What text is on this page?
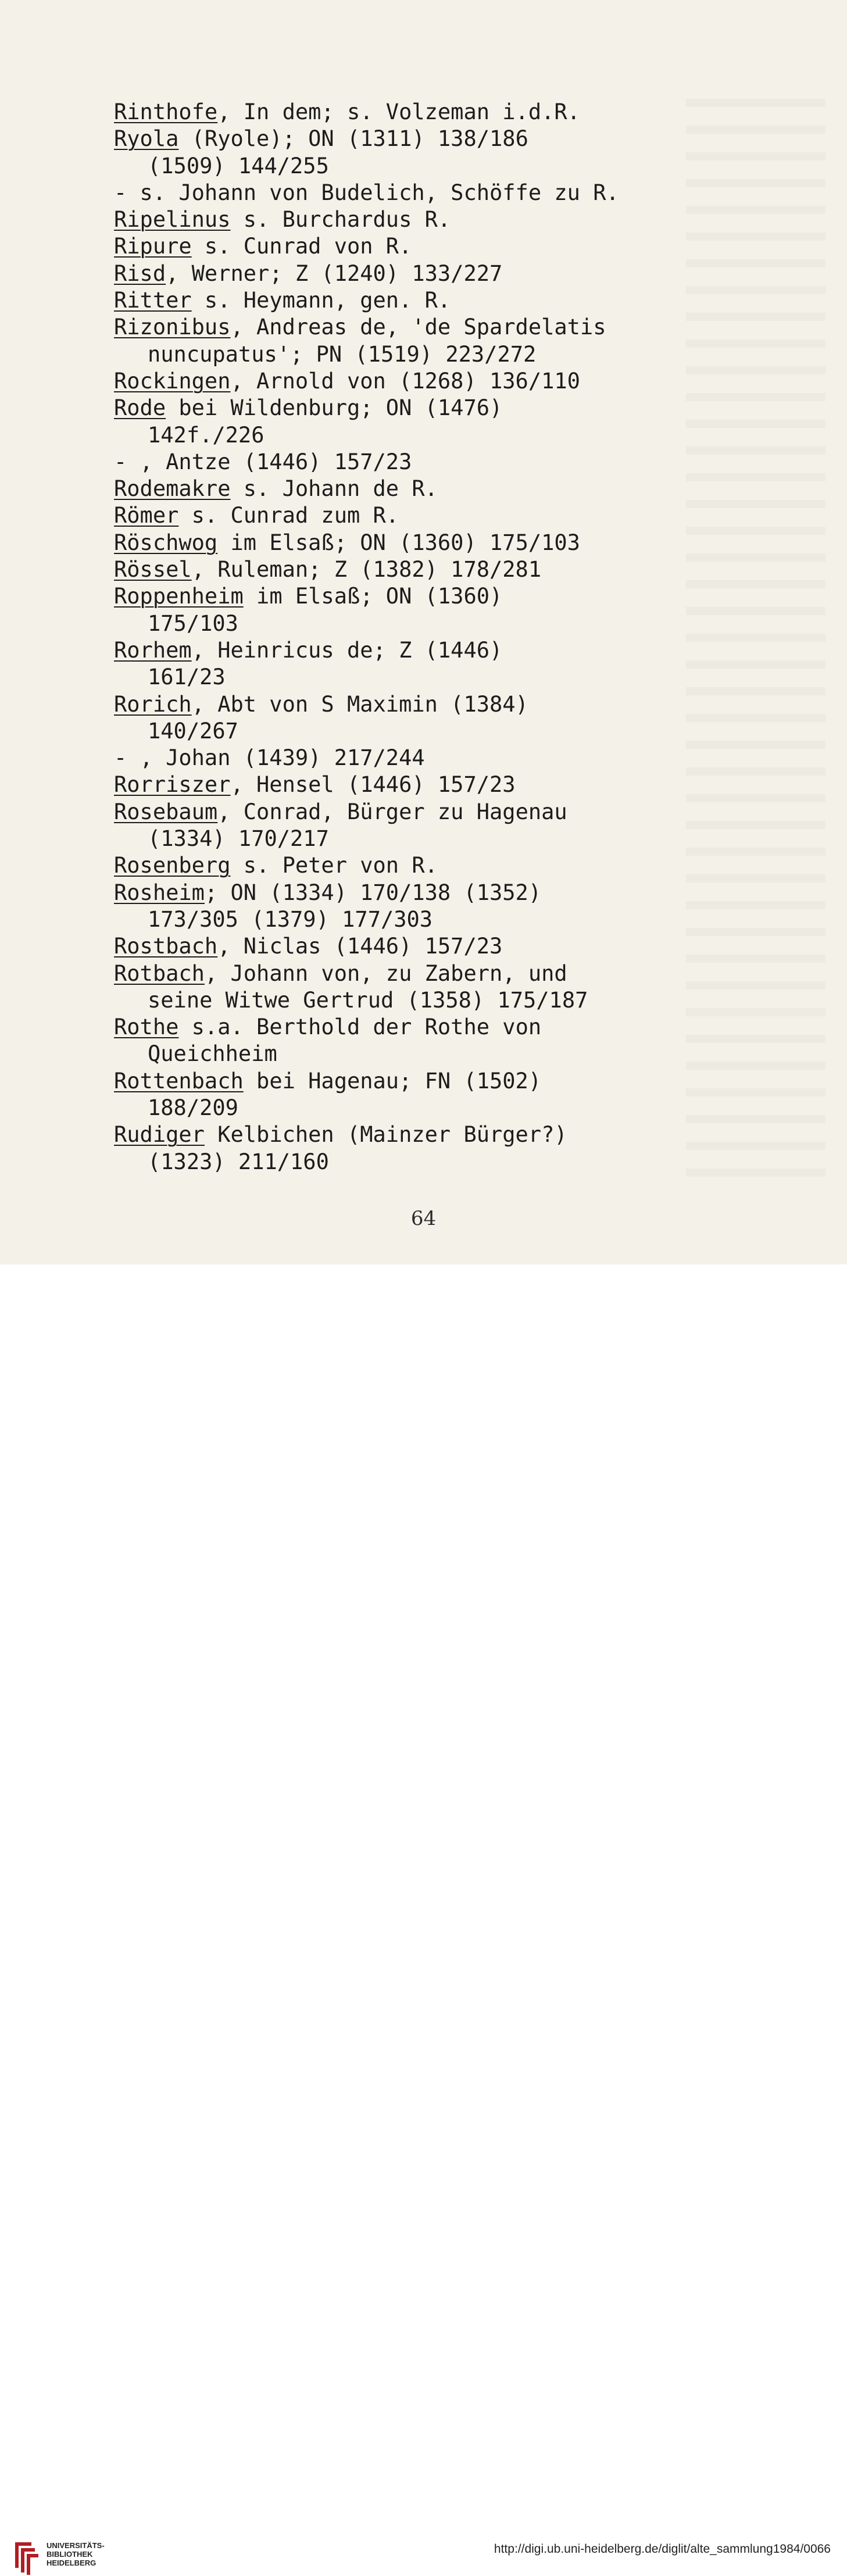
Rinthofe, In dem; s. Volzeman i.d.R.
Ryola (Ryole); ON (1311) 138/186
(1509) 144/255
- s. Johann von Budelich, Schöffe zu R.
Ripelinus s. Burchardus R.
Ripure s. Cunrad von R.
Risd, Werner; Z (1240) 133/227
Ritter s. Heymann, gen. R.
Rizonibus, Andreas de, 'de Spardelatis
nuncupatus'; PN (1519) 223/272
Rockingen, Arnold von (1268) 136/110
Rode bei Wildenburg; ON (1476)
142f./226
- , Antze (1446) 157/23
Rodemakre s. Johann de R.
Römer s. Cunrad zum R.
Röschwog im Elsaß; ON (1360) 175/103
Rössel, Ruleman; Z (1382) 178/281
Roppenheim im Elsaß; ON (1360)
175/103
Rorhem, Heinricus de; Z (1446)
161/23
Rorich, Abt von S Maximin (1384)
140/267
- , Johan (1439) 217/244
Rorriszer, Hensel (1446) 157/23
Rosebaum, Conrad, Bürger zu Hagenau
(1334) 170/217
Rosenberg s. Peter von R.
Rosheim; ON (1334) 170/138 (1352)
173/305 (1379) 177/303
Rostbach, Niclas (1446) 157/23
Rotbach, Johann von, zu Zabern, und
seine Witwe Gertrud (1358) 175/187
Rothe s.a. Berthold der Rothe von
Queichheim
Rottenbach bei Hagenau; FN (1502)
188/209
Rudiger Kelbichen (Mainzer Bürger?)
(1323) 211/160
64
UNIVERSITÄTS-
BIBLIOTHEK
HEIDELBERG
http://digi.ub.uni-heidelberg.de/diglit/alte_sammlung1984/0066
